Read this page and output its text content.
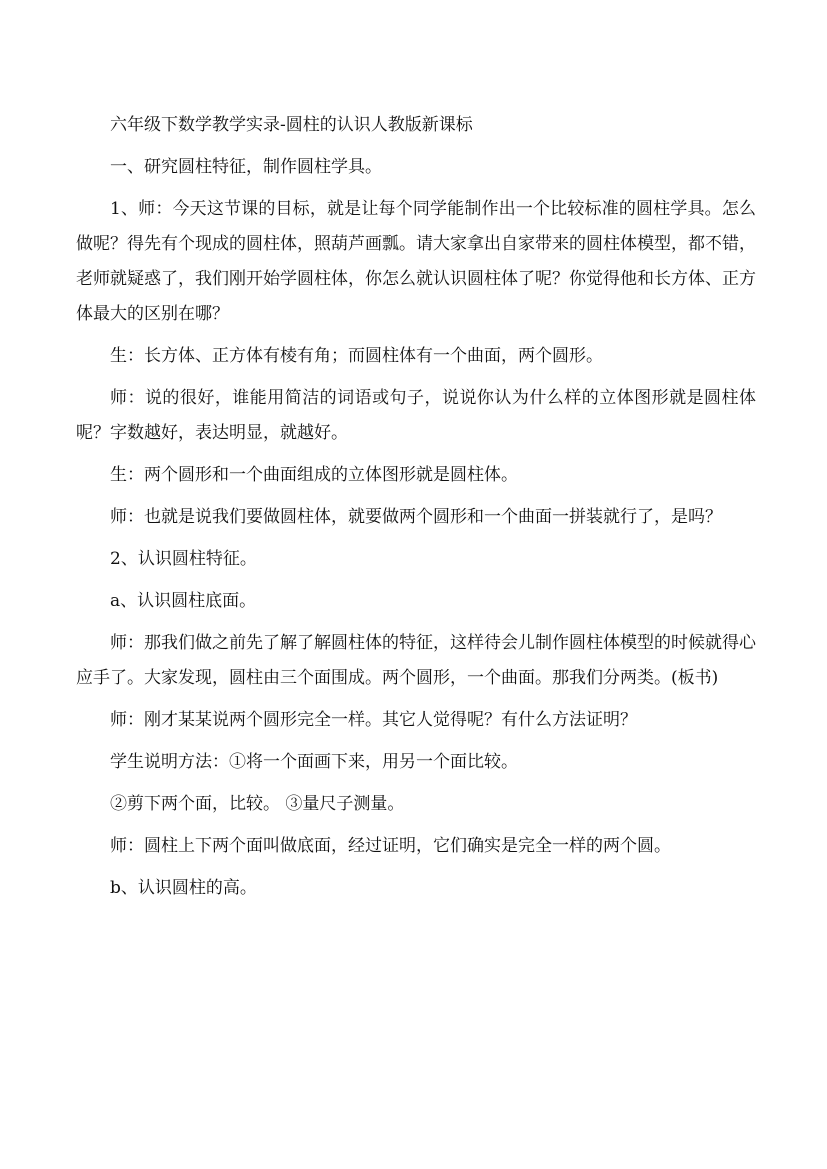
六年级下数学教学实录-圆柱的认识人教版新课标

一、研究圆柱特征，制作圆柱学具。

1、师：今天这节课的目标，就是让每个同学能制作出一个比较标准的圆柱学具。怎么做呢？得先有个现成的圆柱体，照葫芦画瓢。请大家拿出自家带来的圆柱体模型，都不错，老师就疑惑了，我们刚开始学圆柱体，你怎么就认识圆柱体了呢？你觉得他和长方体、正方体最大的区别在哪？

生：长方体、正方体有棱有角；而圆柱体有一个曲面，两个圆形。

师：说的很好，谁能用简洁的词语或句子，说说你认为什么样的立体图形就是圆柱体呢？字数越好，表达明显，就越好。

生：两个圆形和一个曲面组成的立体图形就是圆柱体。

师：也就是说我们要做圆柱体，就要做两个圆形和一个曲面一拼装就行了，是吗？

2、认识圆柱特征。

a、认识圆柱底面。

师：那我们做之前先了解了解圆柱体的特征，这样待会儿制作圆柱体模型的时候就得心应手了。大家发现，圆柱由三个面围成。两个圆形，一个曲面。那我们分两类。(板书)

师：刚才某某说两个圆形完全一样。其它人觉得呢？有什么方法证明？

学生说明方法：①将一个面画下来，用另一个面比较。

②剪下两个面，比较。 ③量尺子测量。

师：圆柱上下两个面叫做底面，经过证明，它们确实是完全一样的两个圆。

b、认识圆柱的高。
